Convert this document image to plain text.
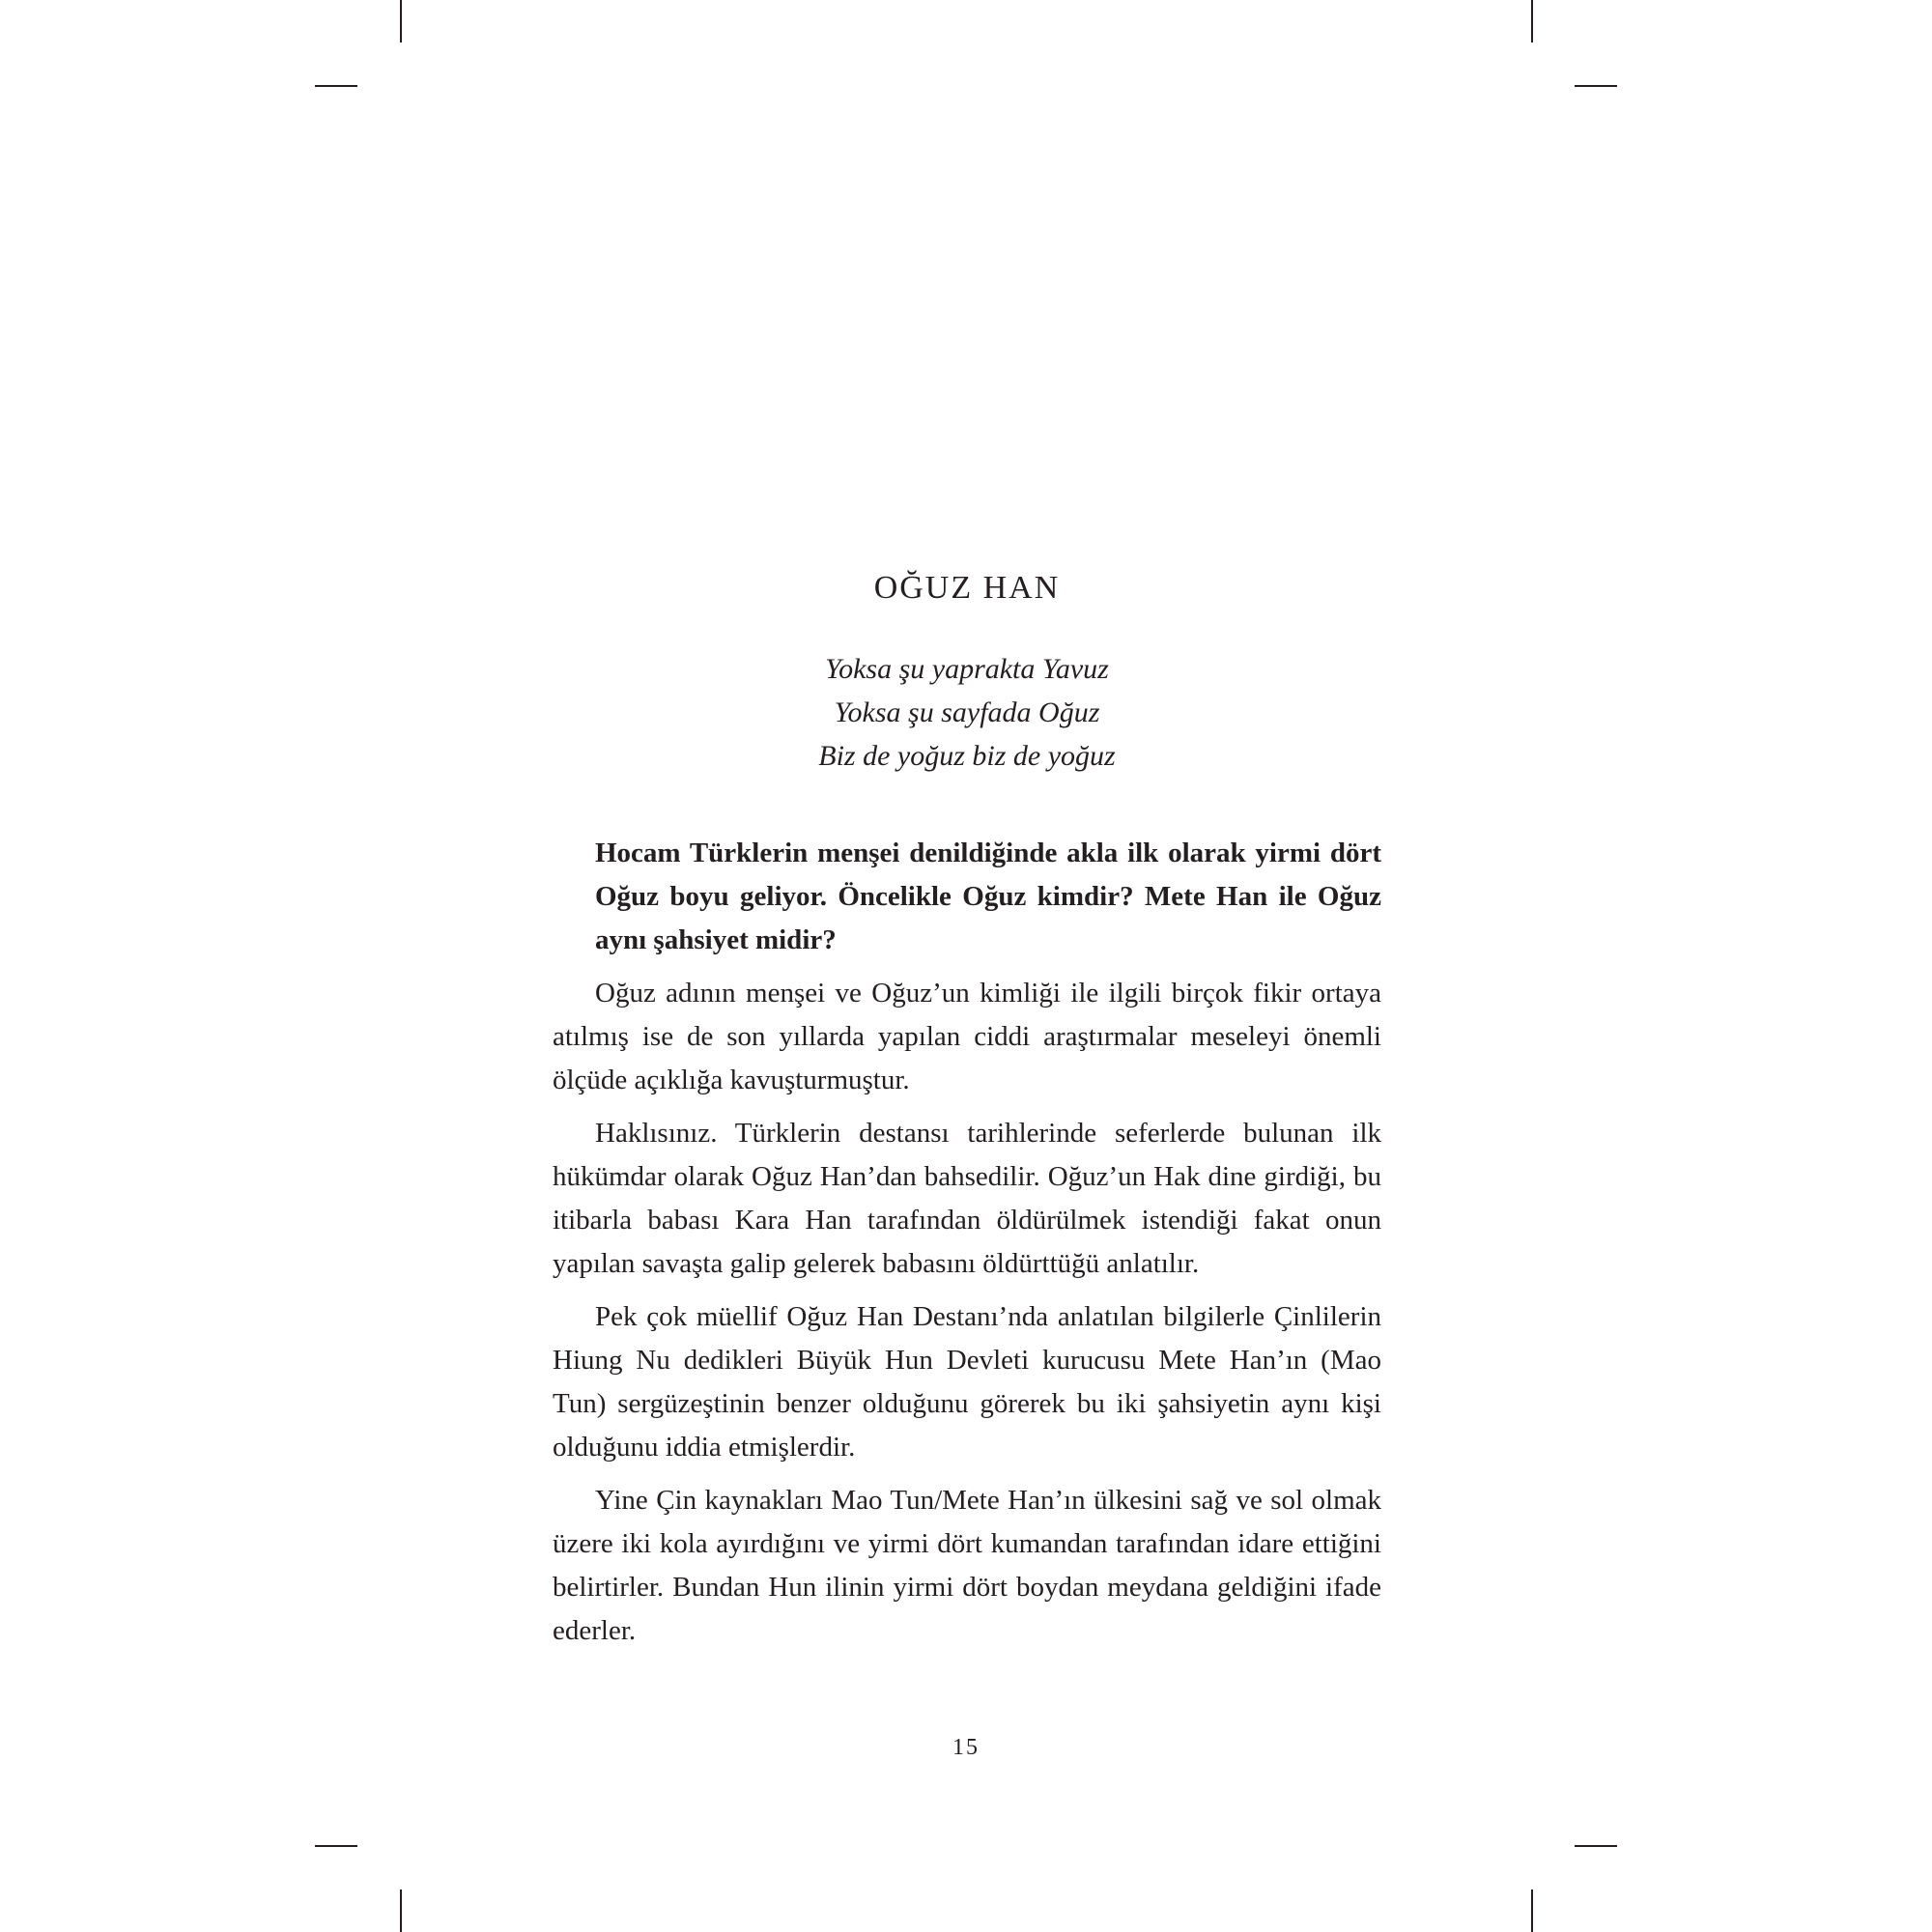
OĞUZ HAN
Yoksa şu yaprakta Yavuz
Yoksa şu sayfada Oğuz
Biz de yoğuz biz de yoğuz

Hocam Türklerin menşei denildiğinde akla ilk olarak yirmi dört Oğuz boyu geliyor. Öncelikle Oğuz kimdir? Mete Han ile Oğuz aynı şahsiyet midir?

Oğuz adının menşei ve Oğuz’un kimliği ile ilgili birçok fikir ortaya atılmış ise de son yıllarda yapılan ciddi araştırmalar meseleyi önemli ölçüde açıklığa kavuşturmuştur.

Haklısınız. Türklerin destansı tarihlerinde seferlerde bulunan ilk hükümdar olarak Oğuz Han’dan bahsedilir. Oğuz’un Hak dine girdiği, bu itibarla babası Kara Han tarafından öldürülmek istendiği fakat onun yapılan savaşta galip gelerek babasını öldürttüğü anlatılır.

Pek çok müellif Oğuz Han Destanı’nda anlatılan bilgilerle Çinlilerin Hiung Nu dedikleri Büyük Hun Devleti kurucusu Mete Han’ın (Mao Tun) sergüzeştinin benzer olduğunu görerek bu iki şahsiyetin aynı kişi olduğunu iddia etmişlerdir.

Yine Çin kaynakları Mao Tun/Mete Han’ın ülkesini sağ ve sol olmak üzere iki kola ayırdığını ve yirmi dört kumandan tarafından idare ettiğini belirtirler. Bundan Hun ilinin yirmi dört boydan meydana geldiğini ifade ederler.

15
